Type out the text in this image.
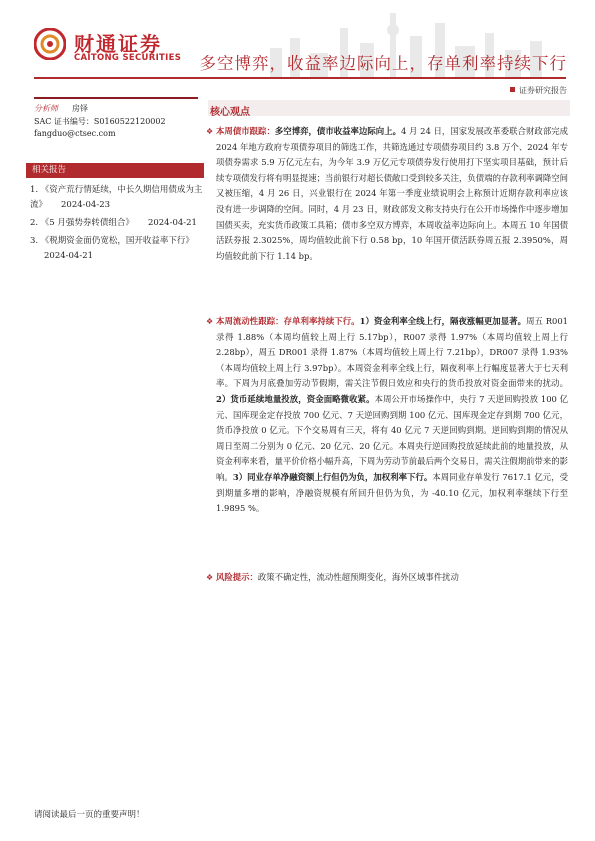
财通证券
CAITONG SECURITIES 多空博弈，收益率边际向上，存单利率持续下行
证券研究报告
分析师 房铎
SAC 证书编号：S0160522120002
fangduo@ctsec.com
相关报告
1. 《资产荒行情延续，中长久期信用债成为主流》 2024-04-23
2. 《5 月强势券转债组合》 2024-04-21
3. 《税期资金面仍宽松，国开收益率下行》2024-04-21
核心观点
❖ 本周债市跟踪：多空博弈，债市收益率边际向上。4 月 24 日，国家发展改革委联合财政部完成 2024 年地方政府专项债券项目的筛选工作，共筛选通过专项债券项目约 3.8 万个、2024 年专项债券需求 5.9 万亿元左右，为今年 3.9 万亿元专项债券发行使用打下坚实项目基础，预计后续专项债发行将有明显提速；当前银行对超长债敞口受到较多关注，负债端的存款利率调降空间又被压缩，4 月 26 日，兴业银行在 2024 年第一季度业绩说明会上称预计近期存款利率应该没有进一步调降的空间。同时，4 月 23 日，财政部发文称支持央行在公开市场操作中逐步增加国债买卖，充实货币政策工具箱；债市多空双方博弈，本周收益率边际向上。本周五 10 年国债活跃券报 2.3025%，周均值较此前下行 0.58 bp，10 年国开债活跃券周五报 2.3950%，周均值较此前下行 1.14 bp。
❖ 本周流动性跟踪：存单利率持续下行。1）资金利率全线上行，隔夜涨幅更加显著。周五 R001 录得 1.88%（本周均值较上周上行 5.17bp），R007 录得 1.97%（本周均值较上周上行 2.28bp），周五 DR001 录得 1.87%（本周均值较上周上行 7.21bp），DR007 录得 1.93%（本周均值较上周上行 3.97bp）。本周资金利率全线上行，隔夜利率上行幅度显著大于七天利率。下周为月底叠加劳动节假期，需关注节假日效应和央行的货币投放对资金面带来的扰动。2）货币延续地量投放，资金面略微收紧。本周公开市场操作中，央行 7 天逆回购投放 100 亿元、国库现金定存投放 700 亿元、7 天逆回购到期 100 亿元、国库现金定存到期 700 亿元，货币净投放 0 亿元。下个交易周有三天，将有 40 亿元 7 天逆回购到期。逆回购到期的情况从周日至周二分别为 0 亿元、20 亿元、20 亿元。本周央行逆回购投放延续此前的地量投放，从资金利率来看，量平价价格小幅升高，下周为劳动节前最后两个交易日，需关注假期前带来的影响。3）同业存单净融资额上行但仍为负，加权利率下行。本周同业存单发行 7617.1 亿元，受到期量多增的影响，净融资规模有所回升但仍为负，为 -40.10 亿元，加权利率继续下行至 1.9895 %。
❖ 风险提示：政策不确定性，流动性超预期变化，海外区域事件扰动
请阅读最后一页的重要声明！
